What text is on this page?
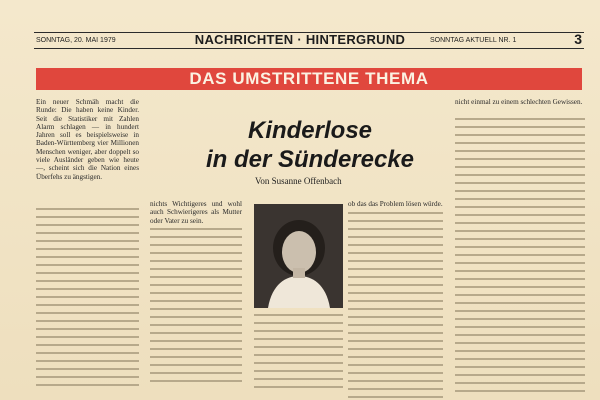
SONNTAG, 20. MAI 1979	NACHRICHTEN · HINTERGRUND	SONNTAG AKTUELL NR. 1	3
DAS UMSTRITTENE THEMA
Kinderlose
in der Sünderecke
Von Susanne Offenbach
Ein neuer Schmäh macht die Runde: Die haben keine Kinder. Seit die Statistiker mit Zahlen Alarm schlagen — in hundert Jahren soll es beispielsweise in Baden-Württemberg vier Millionen Menschen weniger, aber doppelt so viele Ausländer geben wie heute —, scheint sich die Nation eines Überfehs zu ängstigen.
nichts Wichtigeres und wohl auch Schwierigeres als Mutter oder Vater zu sein.
ob das das Problem lösen würde.
nicht einmal zu einem schlechten Gewissen.
